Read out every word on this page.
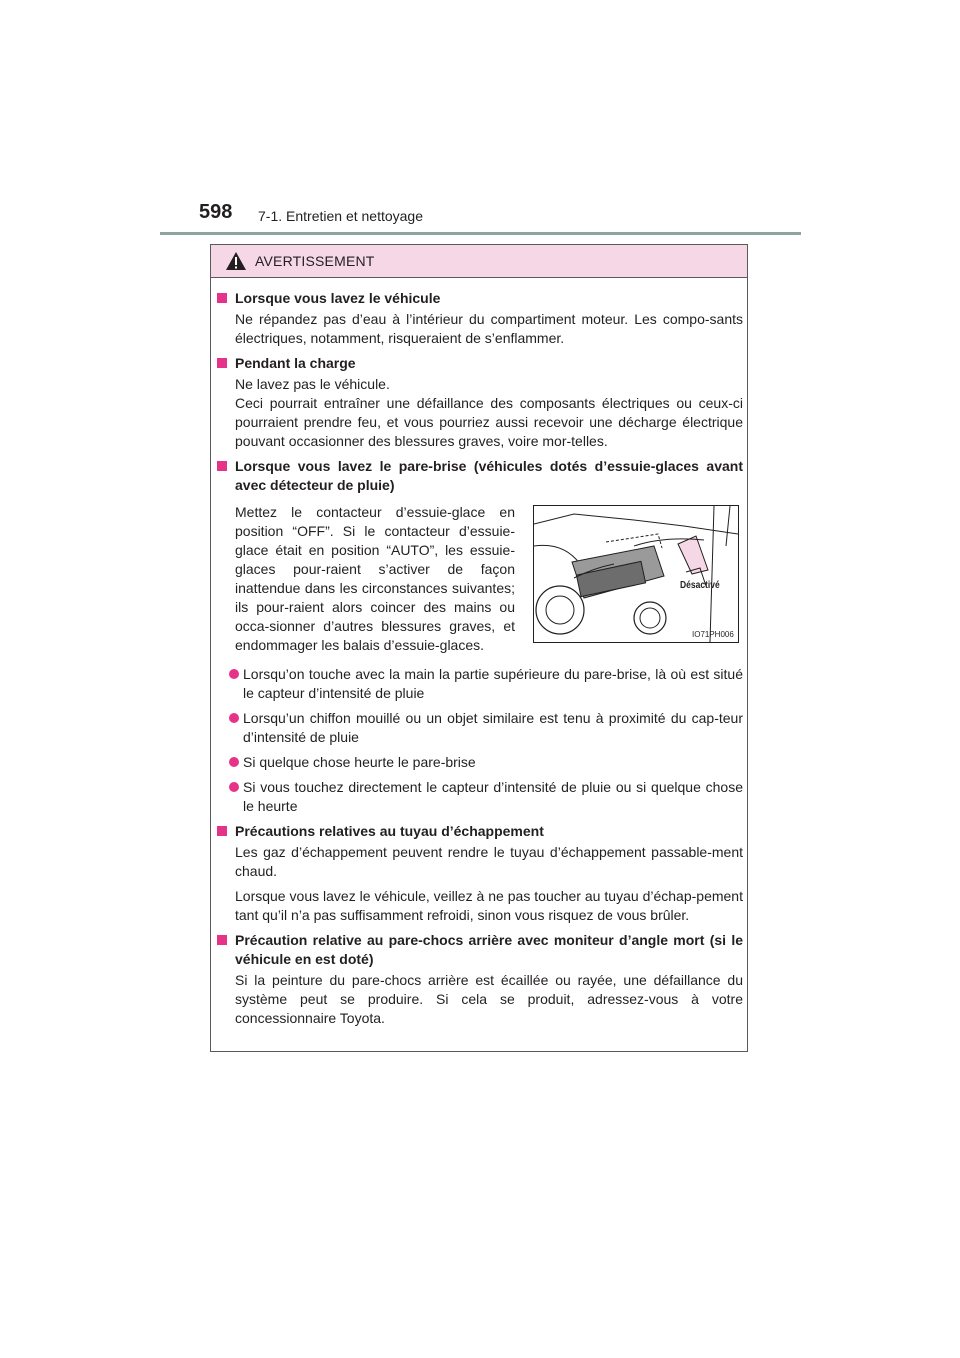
598 7-1. Entretien et nettoyage
AVERTISSEMENT
Lorsque vous lavez le véhicule
Ne répandez pas d’eau à l’intérieur du compartiment moteur. Les compo-sants électriques, notamment, risqueraient de s’enflammer.
Pendant la charge
Ne lavez pas le véhicule.
Ceci pourrait entraîner une défaillance des composants électriques ou ceux-ci pourraient prendre feu, et vous pourriez aussi recevoir une décharge électrique pouvant occasionner des blessures graves, voire mor-telles.
Lorsque vous lavez le pare-brise (véhicules dotés d’essuie-glaces avant avec détecteur de pluie)
Mettez le contacteur d’essuie-glace en position “OFF”. Si le contacteur d’essuie-glace était en position “AUTO”, les essuie-glaces pour-raient s’activer de façon inattendue dans les circonstances suivantes; ils pour-raient alors coincer des mains ou occa-sionner d’autres blessures graves, et endommager les balais d’essuie-glaces.
Désactivé
IO71PH006
Lorsqu’on touche avec la main la partie supérieure du pare-brise, là où est situé le capteur d’intensité de pluie
Lorsqu’un chiffon mouillé ou un objet similaire est tenu à proximité du cap-teur d’intensité de pluie
Si quelque chose heurte le pare-brise
Si vous touchez directement le capteur d’intensité de pluie ou si quelque chose le heurte
Précautions relatives au tuyau d’échappement
Les gaz d’échappement peuvent rendre le tuyau d’échappement passable-ment chaud.
Lorsque vous lavez le véhicule, veillez à ne pas toucher au tuyau d’échap-pement tant qu’il n’a pas suffisamment refroidi, sinon vous risquez de vous brûler.
Précaution relative au pare-chocs arrière avec moniteur d’angle mort (si le véhicule en est doté)
Si la peinture du pare-chocs arrière est écaillée ou rayée, une défaillance du système peut se produire. Si cela se produit, adressez-vous à votre concessionnaire Toyota.
